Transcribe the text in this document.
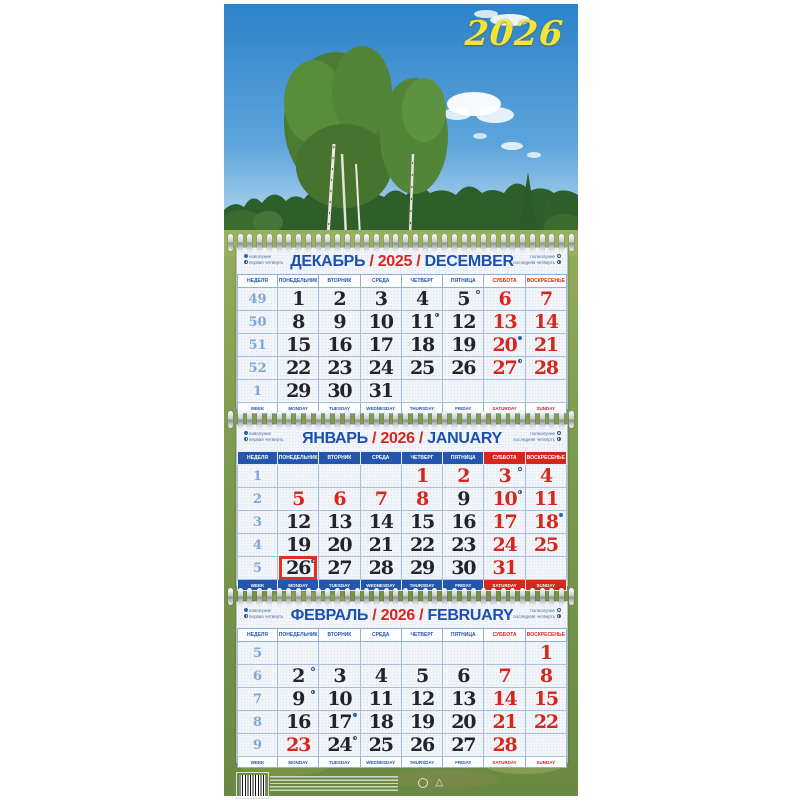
2026
новолуние
первая четверть ДЕКАБРЬ / 2025 / DECEMBER	полнолуние
последняя четверть
НЕДЕЛЯ	ПОНЕДЕЛЬНИК	ВТОРНИК	СРЕДА	ЧЕТВЕРГ	ПЯТНИЦА	СУББОТА	ВОСКРЕСЕНЬЕ
49	1	2	3	4	5	6	7
50	8	9	10	11	12	13	14
51	15	16	17	18	19	20	21
52	22	23	24	25	26	27	28
1	29	30	31				
WEEK	MONDAY	TUESDAY	WEDNESDAY	THURSDAY	FRIDAY	SATURDAY	SUNDAY
новолуние
первая четверть	ЯНВАРЬ / 2026 / JANUARY	полнолуние
последняя четверть
НЕДЕЛЯ	ПОНЕДЕЛЬНИК	ВТОРНИК	СРЕДА	ЧЕТВЕРГ	ПЯТНИЦА	СУББОТА	ВОСКРЕСЕНЬЕ
1				1	2	3	4
2	5	6	7	8	9	10	11
3	12	13	14	15	16	17	18

4	19	20	21	22	23	24	25
5	26	27	28	29	30	31	
WEEK	MONDAY	TUESDAY	WEDNESDAY	THURSDAY	FRIDAY	SATURDAY	SUNDAY
новолуние
первая четверть ФЕВРАЛЬ / 2026 / FEBRUARY	полнолуние
последняя четверть
НЕДЕЛЯ	ПОНЕДЕЛЬНИК	ВТОРНИК	СРЕДА	ЧЕТВЕРГ	ПЯТНИЦА	СУББОТА	ВОСКРЕСЕНЬЕ
5							1
6	2	3	4	5	6	7	8
7	9	10	11	12	13	14	15
8	16	17	18	19	20	21	22
9	23	24	25	26	27	28	
WEEK	MONDAY	TUESDAY	WEDNESDAY	THURSDAY	FRIDAY	SATURDAY	SUNDAY
△
